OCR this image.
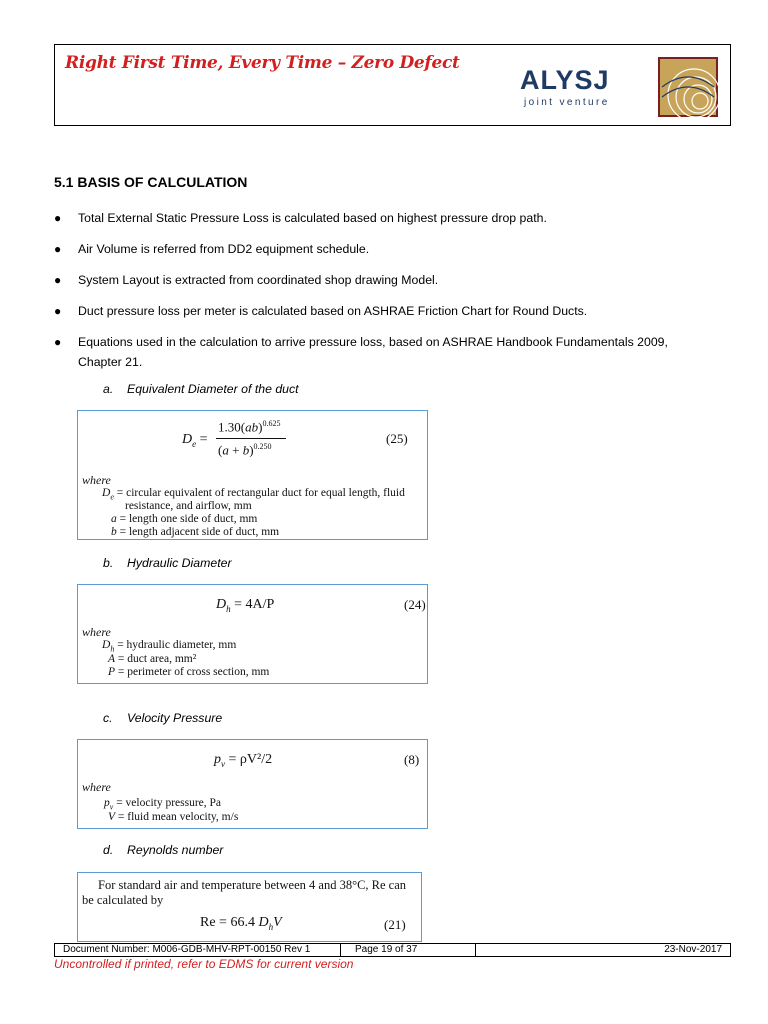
Right First Time, Every Time – Zero Defect
ALYSJ
joint venture
5.1 BASIS OF CALCULATION
● Total External Static Pressure Loss is calculated based on highest pressure drop path.
● Air Volume is referred from DD2 equipment schedule.
● System Layout is extracted from coordinated shop drawing Model.
● Duct pressure loss per meter is calculated based on ASHRAE Friction Chart for Round Ducts.
● Equations used in the calculation to arrive pressure loss, based on ASHRAE Handbook Fundamentals 2009, Chapter 21.
a. Equivalent Diameter of the duct
$D_e$ =
1.30(ab)$^{0.625}$
$(a + b)^{0.250}$
(25)
where
$D_e$ = circular equivalent of rectangular duct for equal length, fluid
resistance, and airflow, mm
a = length one side of duct, mm
b = length adjacent side of duct, mm
b. Hydraulic Diameter
$D_h = 4A/P$	(24)
where
$D_h$ = hydraulic diameter, mm
A = duct area, mm²
P = perimeter of cross section, mm
c. Velocity Pressure
$p_v = \rho V^2/2$	(8)
where
$p_v$ = velocity pressure, Pa
V = fluid mean velocity, m/s
d. Reynolds number
For standard air and temperature between 4 and 38°C, Re can be calculated by
Re = 66.4 $D_hV$	(21)
Document Number: M006-GDB-MHV-RPT-00150 Rev 1	Page 19 of 37	23-Nov-2017
Uncontrolled if printed, refer to EDMS for current version
